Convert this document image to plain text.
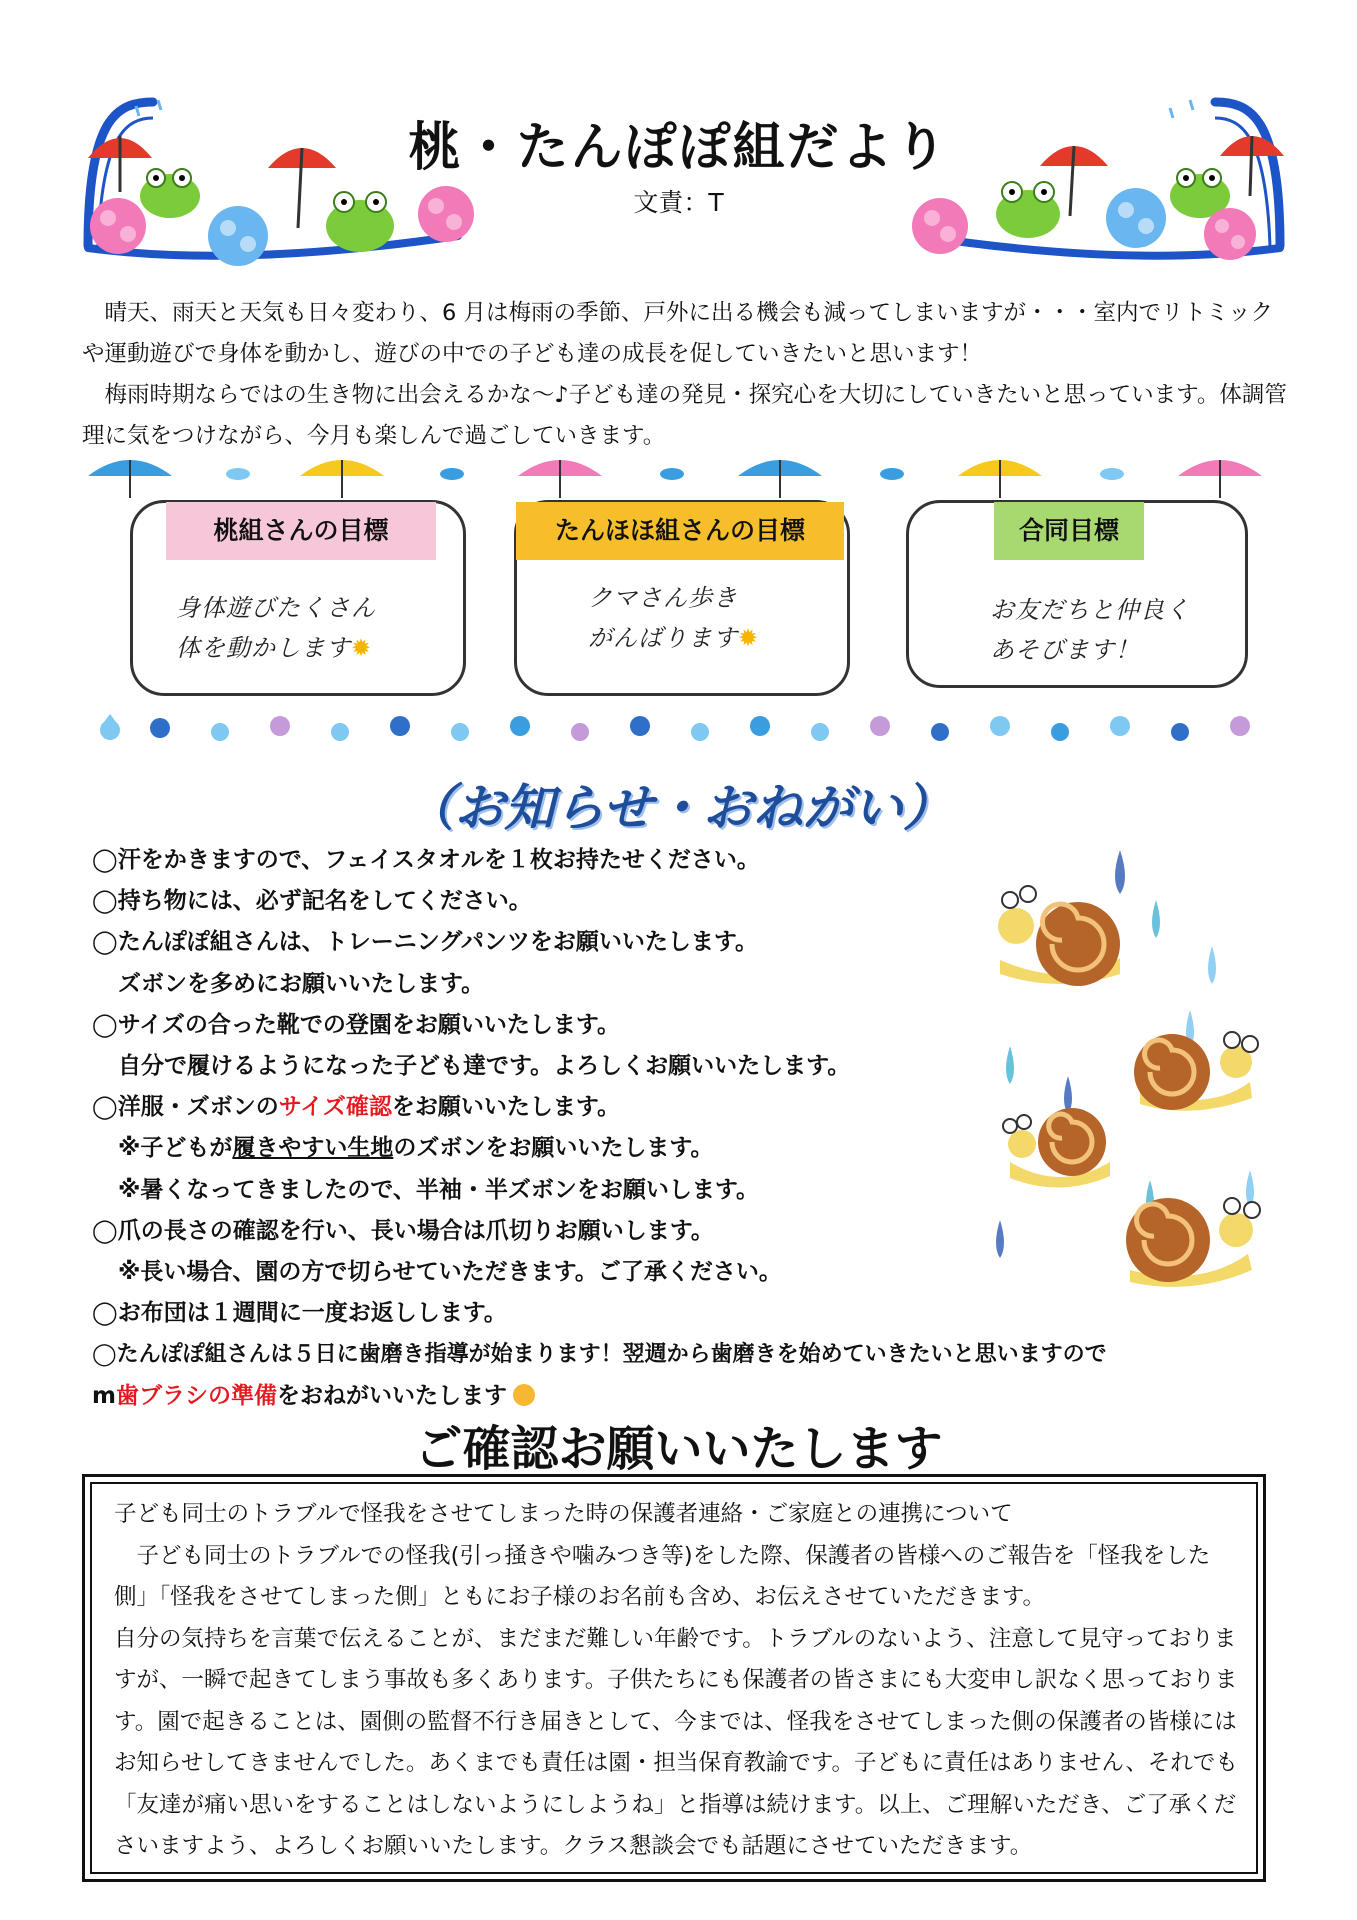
桃・たんぽぽ組だより
文責：T

　晴天、雨天と天気も日々変わり、6 月は梅雨の季節、戸外に出る機会も減ってしまいますが・・・室内でリトミックや運動遊びで身体を動かし、遊びの中での子ども達の成長を促していきたいと思います！

　梅雨時期ならではの生き物に出会えるかな～♪子ども達の発見・探究心を大切にしていきたいと思っています。体調管理に気をつけながら、今月も楽しんで過ごしていきます。

桃組さんの目標
身体遊びたくさん
体を動かします✹
たんほほ組さんの目標
クマさん歩き
がんばります✹
合同目標
お友だちと仲良く
あそびます！
（お知らせ・おねがい）
◯汗をかきますので、フェイスタオルを１枚お持たせください。
◯持ち物には、必ず記名をしてください。
◯たんぽぽ組さんは、トレーニングパンツをお願いいたします。
ズボンを多めにお願いいたします。
◯サイズの合った靴での登園をお願いいたします。
自分で履けるようになった子ども達です。よろしくお願いいたします。
◯洋服・ズボンのサイズ確認をお願いいたします。
※子どもが履きやすい生地のズボンをお願いいたします。
※暑くなってきましたので、半袖・半ズボンをお願いします。
◯爪の長さの確認を行い、長い場合は爪切りお願いします。
※長い場合、園の方で切らせていただきます。ご了承ください。
◯お布団は１週間に一度お返しします。
◯たんぽぽ組さんは５日に歯磨き指導が始まります！翌週から歯磨きを始めていきたいと思いますので
m歯ブラシの準備をおねがいいたします
ご確認お願いいたします

子ども同士のトラブルで怪我をさせてしまった時の保護者連絡・ご家庭との連携について

　子ども同士のトラブルでの怪我(引っ掻きや噛みつき等)をした際、保護者の皆様へのご報告を「怪我をした側」「怪我をさせてしまった側」ともにお子様のお名前も含め、お伝えさせていただきます。

自分の気持ちを言葉で伝えることが、まだまだ難しい年齢です。トラブルのないよう、注意して見守っておりますが、一瞬で起きてしまう事故も多くあります。子供たちにも保護者の皆さまにも大変申し訳なく思っております。園で起きることは、園側の監督不行き届きとして、今までは、怪我をさせてしまった側の保護者の皆様にはお知らせしてきませんでした。あくまでも責任は園・担当保育教諭です。子どもに責任はありません、それでも「友達が痛い思いをすることはしないようにしようね」と指導は続けます。以上、ご理解いただき、ご了承くださいますよう、よろしくお願いいたします。クラス懇談会でも話題にさせていただきます。
